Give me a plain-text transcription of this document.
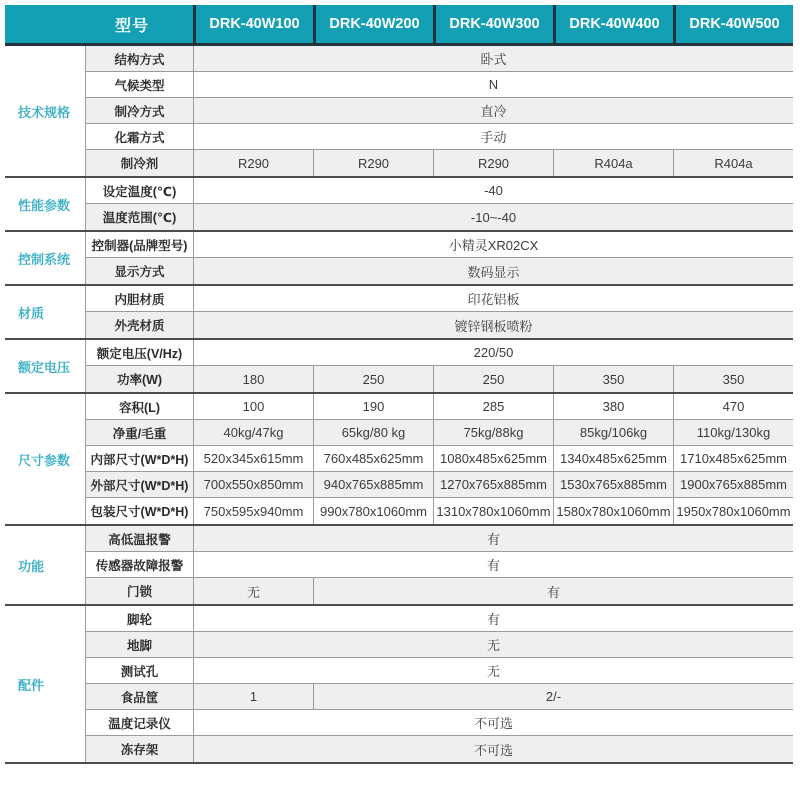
型号	DRK-40W100	DRK-40W200	DRK-40W300	DRK-40W400	DRK-40W500
技术规格
结构方式	卧式
气候类型	N
制冷方式	直冷
化霜方式	手动
制冷剂	R290	R290	R290	R404a	R404a
性能参数
设定温度(℃)	-40
温度范围(℃)	-10~-40
控制系统
控制器(品牌型号)	小精灵XR02CX
显示方式	数码显示
材质
内胆材质	印花铝板
外壳材质	镀锌钢板喷粉
额定电压
额定电压(V/Hz)	220/50
功率(W)	180	250	250	350	350
尺寸参数
容积(L)	100	190	285	380	470
净重/毛重	40kg/47kg	65kg/80 kg	75kg/88kg	85kg/106kg	110kg/130kg
内部尺寸(W*D*H)	520x345x615mm	760x485x625mm	1080x485x625mm	1340x485x625mm	1710x485x625mm
外部尺寸(W*D*H)	700x550x850mm	940x765x885mm	1270x765x885mm	1530x765x885mm	1900x765x885mm
包装尺寸(W*D*H)	750x595x940mm	990x780x1060mm 1310x780x1060mm 1580x780x1060mm 1950x780x1060mm
功能
高低温报警	有
传感器故障报警	有
门锁	无	有
配件
脚轮	有
地脚	无
测试孔	无
食品筐	1	2/-
温度记录仪	不可选
冻存架	不可选
